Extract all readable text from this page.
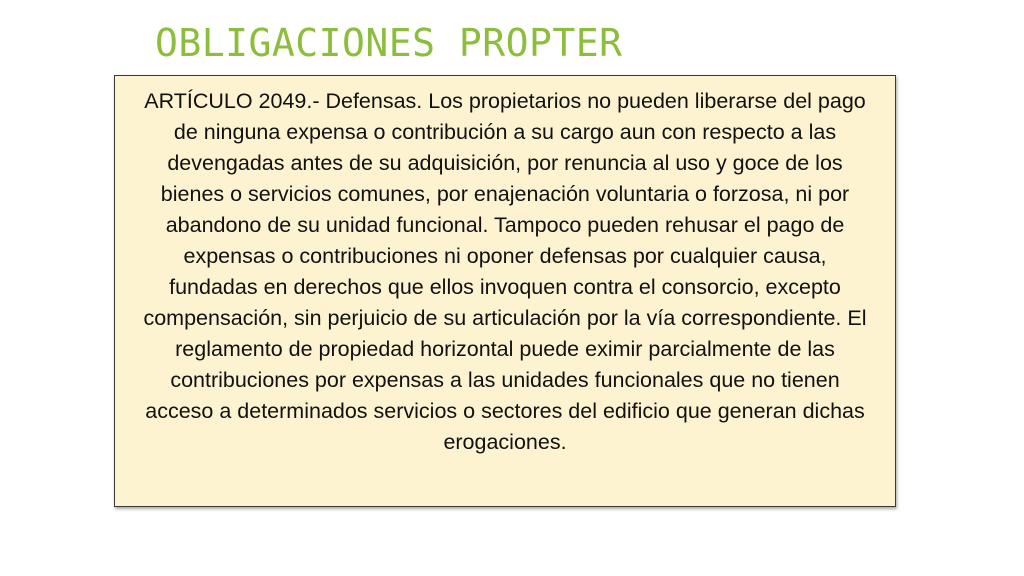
OBLIGACIONES PROPTER

ARTÍCULO 2049.- Defensas. Los propietarios no pueden liberarse del pago de ninguna expensa o contribución a su cargo aun con respecto a las devengadas antes de su adquisición, por renuncia al uso y goce de los bienes o servicios comunes, por enajenación voluntaria o forzosa, ni por abandono de su unidad funcional. Tampoco pueden rehusar el pago de expensas o contribuciones ni oponer defensas por cualquier causa, fundadas en derechos que ellos invoquen contra el consorcio, excepto compensación, sin perjuicio de su articulación por la vía correspondiente. El reglamento de propiedad horizontal puede eximir parcialmente de las contribuciones por expensas a las unidades funcionales que no tienen acceso a determinados servicios o sectores del edificio que generan dichas erogaciones.
